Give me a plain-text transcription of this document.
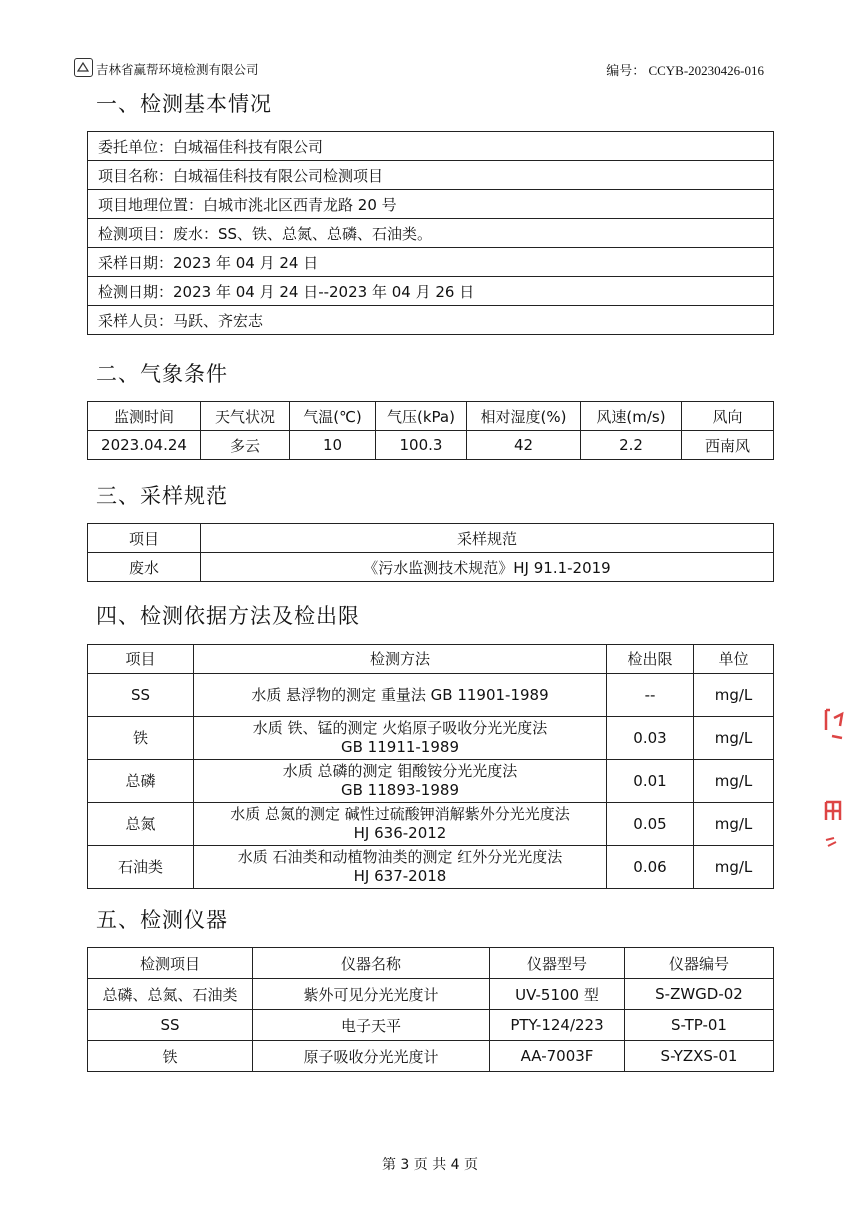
吉林省赢帮环境检测有限公司	编号： CCYB-20230426-016
一、检测基本情况
委托单位：白城福佳科技有限公司
项目名称：白城福佳科技有限公司检测项目
项目地理位置：白城市洮北区西青龙路 20 号
检测项目：废水：SS、铁、总氮、总磷、石油类。
采样日期：2023 年 04 月 24 日
检测日期：2023 年 04 月 24 日--2023 年 04 月 26 日
采样人员：马跃、齐宏志
二、气象条件
监测时间	天气状况	气温(℃)	气压(kPa)	相对湿度(%)	风速(m/s)	风向
2023.04.24	多云	10	100.3	42	2.2	西南风
三、采样规范
项目	采样规范
废水	《污水监测技术规范》HJ 91.1-2019
四、检测依据方法及检出限
项目	检测方法	检出限	单位
SS	水质 悬浮物的测定 重量法 GB 11901-1989	--	mg/L
铁	水质 铁、锰的测定 火焰原子吸收分光光度法
GB 11911-1989	0.03	mg/L
总磷	水质 总磷的测定 钼酸铵分光光度法
GB 11893-1989	0.01	mg/L
总氮	水质 总氮的测定 碱性过硫酸钾消解紫外分光光度法
HJ 636-2012	0.05	mg/L
石油类	水质 石油类和动植物油类的测定 红外分光光度法
HJ 637-2018	0.06	mg/L
五、检测仪器
检测项目	仪器名称	仪器型号	仪器编号
总磷、总氮、石油类	紫外可见分光光度计	UV-5100 型	S-ZWGD-02
SS	电子天平	PTY-124/223	S-TP-01
铁	原子吸收分光光度计	AA-7003F	S-YZXS-01
第 3 页 共 4 页
